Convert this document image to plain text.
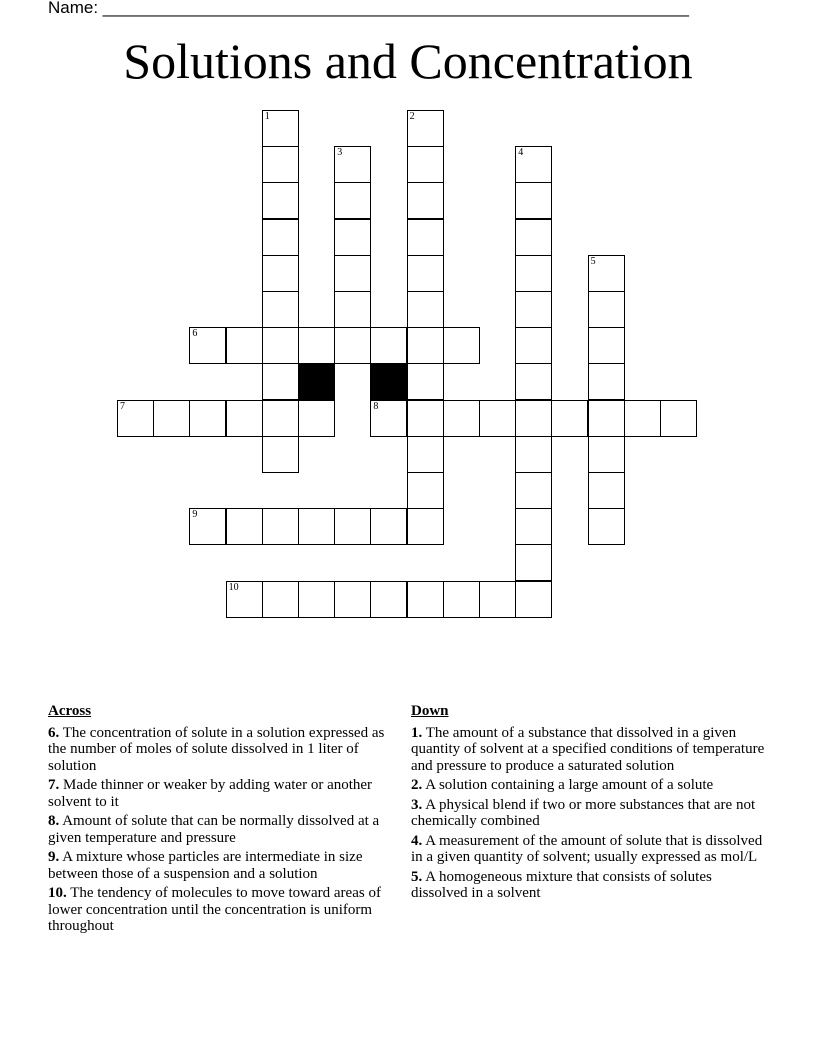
Name: ______________________________________________________________
Solutions and Concentration
1	2
3	4
5
6
7	8
9
10
Across
6. The concentration of solute in a solution expressed as the number of moles of solute dissolved in 1 liter of solution
7. Made thinner or weaker by adding water or another solvent to it
8. Amount of solute that can be normally dissolved at a given temperature and pressure
9. A mixture whose particles are intermediate in size between those of a suspension and a solution
10. The tendency of molecules to move toward areas of lower concentration until the concentration is uniform throughout
Down
1. The amount of a substance that dissolved in a given quantity of solvent at a specified conditions of temperature and pressure to produce a saturated solution
2. A solution containing a large amount of a solute
3. A physical blend if two or more substances that are not chemically combined
4. A measurement of the amount of solute that is dissolved in a given quantity of solvent; usually expressed as mol/L
5. A homogeneous mixture that consists of solutes dissolved in a solvent
